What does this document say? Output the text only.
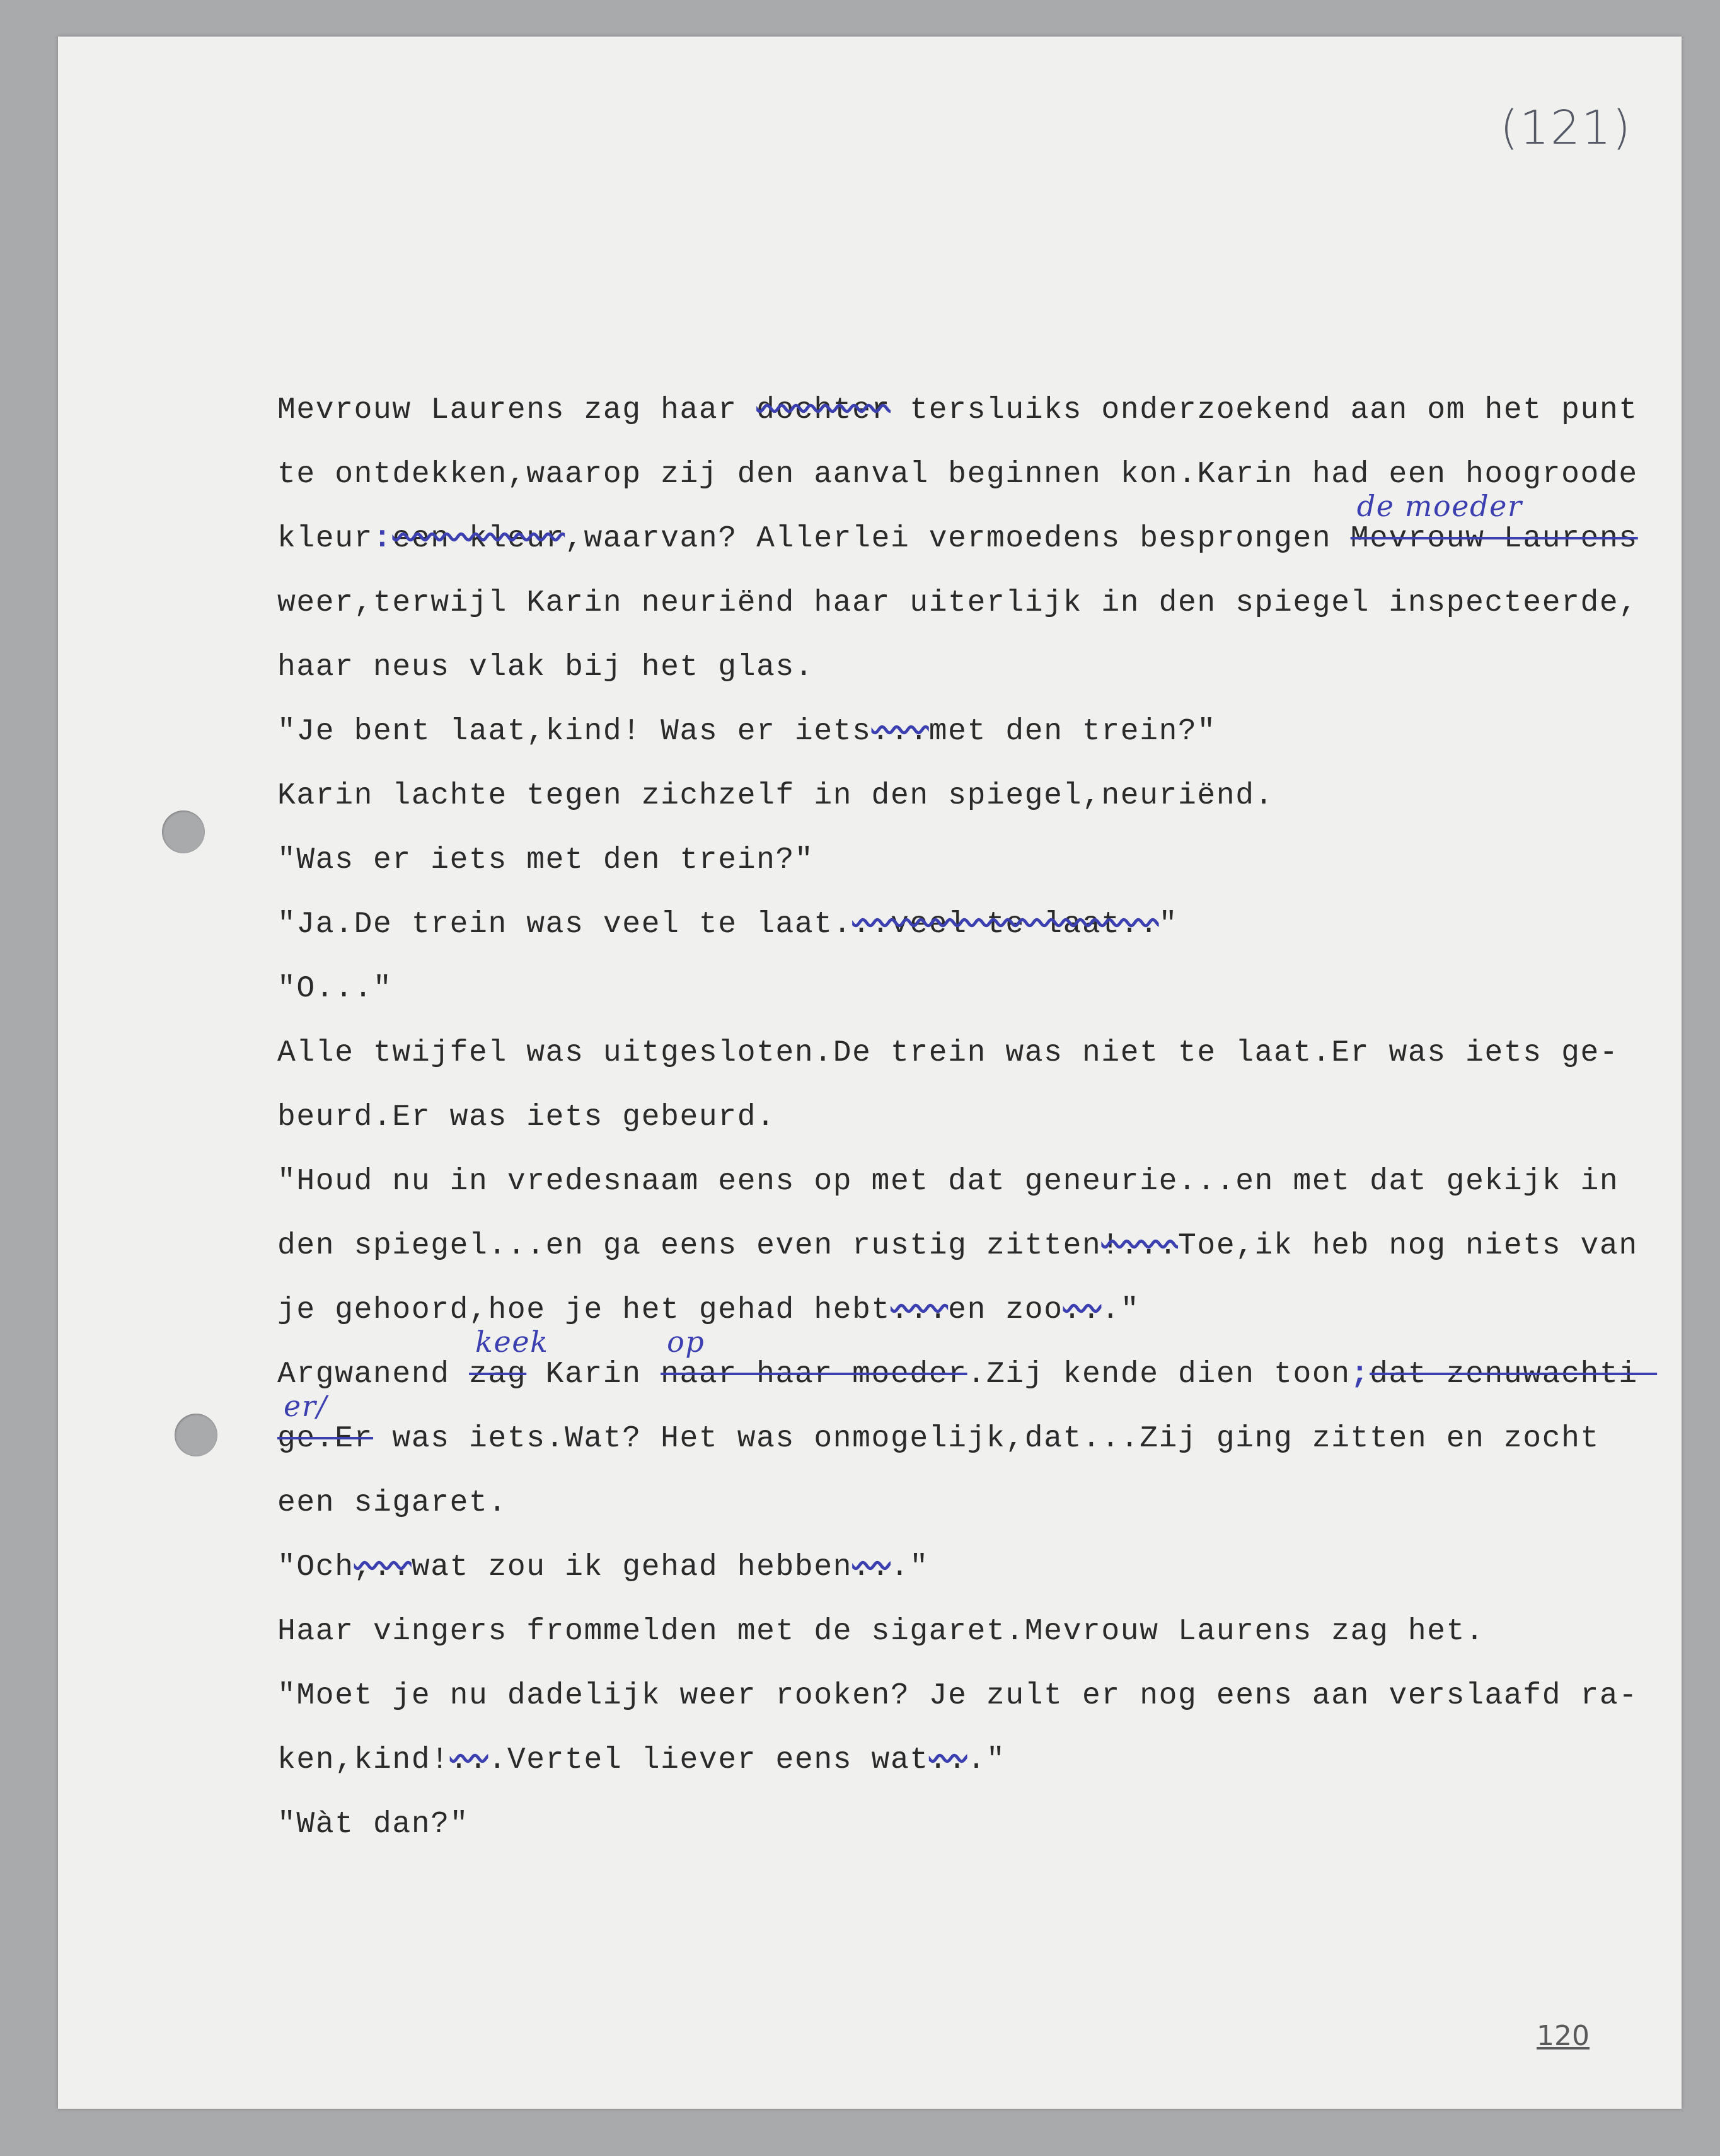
(121)
120
Mevrouw Laurens zag haar dochter tersluiks onderzoekend aan om het punt
te ontdekken,waarop zij den aanval beginnen kon.Karin had een hoogroode
kleur:een kleur,waarvan? Allerlei vermoedens besprongen Mevrouw Laurens
de moeder
weer,terwijl Karin neuriënd haar uiterlijk in den spiegel inspecteerde,
haar neus vlak bij het glas.
"Je bent laat,kind! Was er iets...met den trein?"
Karin lachte tegen zichzelf in den spiegel,neuriënd.
"Was er iets met den trein?"
"Ja.De trein was veel te laat...veel te laat.."
"O..."
Alle twijfel was uitgesloten.De trein was niet te laat.Er was iets ge-
beurd.Er was iets gebeurd.
"Houd nu in vredesnaam eens op met dat geneurie...en met dat gekijk in
den spiegel...en ga eens even rustig zitten!...Toe,ik heb nog niets van
je gehoord,hoe je het gehad hebt...en zoo..."
Argwanend zag
keek
Karin naar haar moeder
op
.Zij kende dien toon;dat zenuwachti-
ge.Er
er/
was iets.Wat? Het was onmogelijk,dat...Zij ging zitten en zocht
een sigaret.
"Och,..wat zou ik gehad hebben..."
Haar vingers frommelden met de sigaret.Mevrouw Laurens zag het.
"Moet je nu dadelijk weer rooken? Je zult er nog eens aan verslaafd ra-
ken,kind!...Vertel liever eens wat..."
"Wàt dan?"
